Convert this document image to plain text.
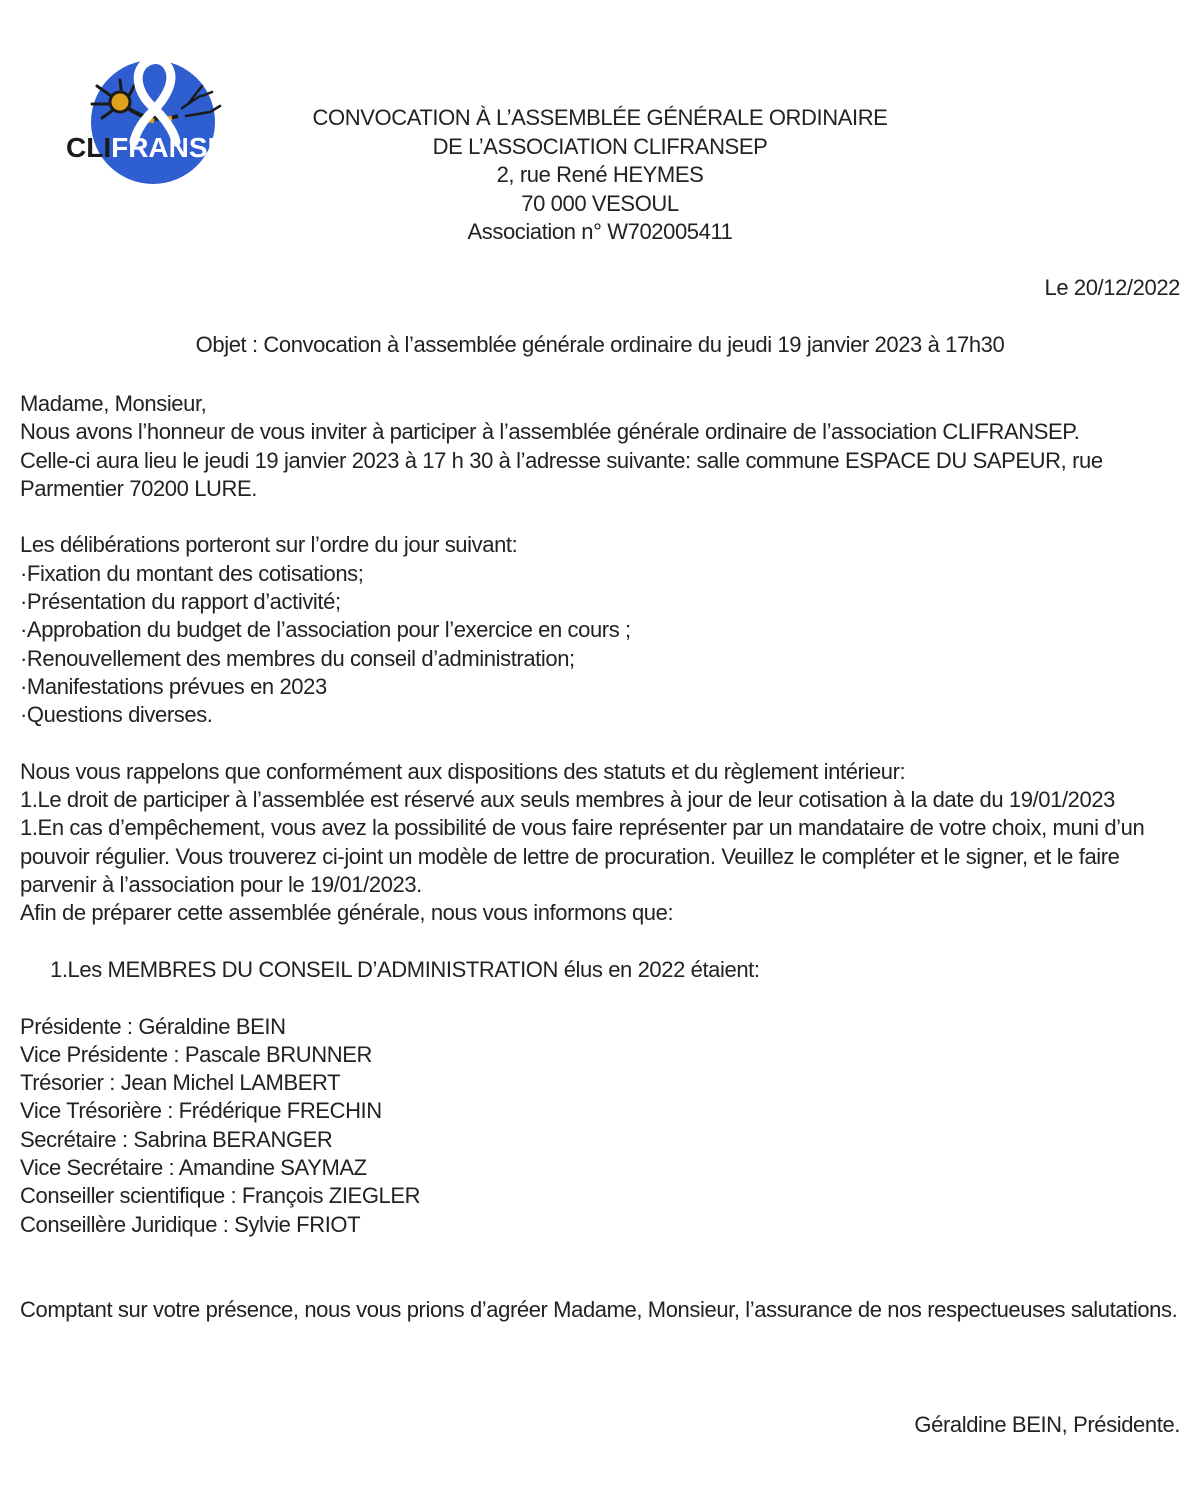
CLIFRANSEP
CONVOCATION À L’ASSEMBLÉE GÉNÉRALE ORDINAIRE
DE L’ASSOCIATION CLIFRANSEP
2, rue René HEYMES
70 000 VESOUL
Association n° W702005411
Le 20/12/2022
Objet : Convocation à l’assemblée générale ordinaire du jeudi 19 janvier 2023 à 17h30

Madame, Monsieur,

Nous avons l’honneur de vous inviter à participer à l’assemblée générale ordinaire de l’association CLIFRANSEP.

Celle-ci aura lieu le jeudi 19 janvier 2023 à 17 h 30 à l’adresse suivante: salle commune ESPACE DU SAPEUR, rue Parmentier 70200 LURE.

Les délibérations porteront sur l’ordre du jour suivant:

·Fixation du montant des cotisations;

·Présentation du rapport d’activité;

·Approbation du budget de l’association pour l’exercice en cours ;

·Renouvellement des membres du conseil d’administration;

·Manifestations prévues en 2023

·Questions diverses.

Nous vous rappelons que conformément aux dispositions des statuts et du règlement intérieur:

1.Le droit de participer à l’assemblée est réservé aux seuls membres à jour de leur cotisation à la date du 19/01/2023

1.En cas d’empêchement, vous avez la possibilité de vous faire représenter par un mandataire de votre choix, muni d’un pouvoir régulier. Vous trouverez ci-joint un modèle de lettre de procuration. Veuillez le compléter et le signer, et le faire parvenir à l’association pour le 19/01/2023.

Afin de préparer cette assemblée générale, nous vous informons que:

1.Les MEMBRES DU CONSEIL D’ADMINISTRATION élus en 2022 étaient:

Présidente : Géraldine BEIN

Vice Présidente : Pascale BRUNNER

Trésorier : Jean Michel LAMBERT

Vice Trésorière : Frédérique FRECHIN

Secrétaire : Sabrina BERANGER

Vice Secrétaire : Amandine SAYMAZ

Conseiller scientifique : François ZIEGLER

Conseillère Juridique : Sylvie FRIOT

Comptant sur votre présence, nous vous prions d’agréer Madame, Monsieur, l’assurance de nos respectueuses salutations.

Géraldine BEIN, Présidente.
